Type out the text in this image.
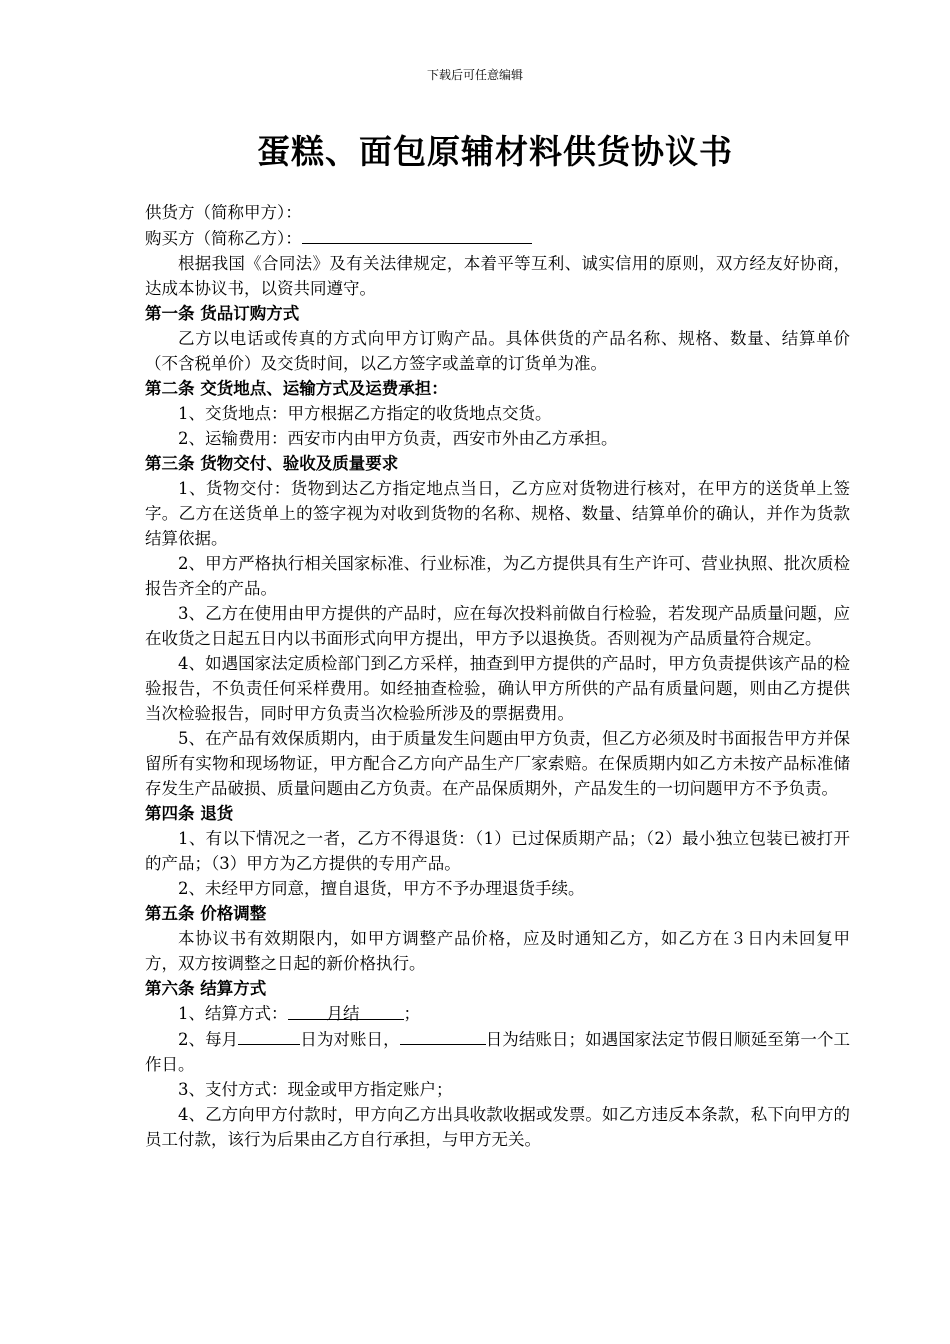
下载后可任意编辑
蛋糕、面包原辅材料供货协议书
供货方（简称甲方）：
购买方（简称乙方）：

根据我国《合同法》及有关法律规定，本着平等互利、诚实信用的原则，双方经友好协商，达成本协议书，以资共同遵守。

第一条 货品订购方式

乙方以电话或传真的方式向甲方订购产品。具体供货的产品名称、规格、数量、结算单价（不含税单价）及交货时间，以乙方签字或盖章的订货单为准。

第二条 交货地点、运输方式及运费承担：

1、交货地点：甲方根据乙方指定的收货地点交货。

2、运输费用：西安市内由甲方负责，西安市外由乙方承担。

第三条 货物交付、验收及质量要求

1、货物交付：货物到达乙方指定地点当日，乙方应对货物进行核对，在甲方的送货单上签字。乙方在送货单上的签字视为对收到货物的名称、规格、数量、结算单价的确认，并作为货款结算依据。

2、甲方严格执行相关国家标准、行业标准，为乙方提供具有生产许可、营业执照、批次质检报告齐全的产品。

3、乙方在使用由甲方提供的产品时，应在每次投料前做自行检验，若发现产品质量问题，应在收货之日起五日内以书面形式向甲方提出，甲方予以退换货。否则视为产品质量符合规定。

4、如遇国家法定质检部门到乙方采样，抽查到甲方提供的产品时，甲方负责提供该产品的检验报告，不负责任何采样费用。如经抽查检验，确认甲方所供的产品有质量问题，则由乙方提供当次检验报告，同时甲方负责当次检验所涉及的票据费用。

5、在产品有效保质期内，由于质量发生问题由甲方负责，但乙方必须及时书面报告甲方并保留所有实物和现场物证，甲方配合乙方向产品生产厂家索赔。在保质期内如乙方未按产品标准储存发生产品破损、质量问题由乙方负责。在产品保质期外，产品发生的一切问题甲方不予负责。

第四条 退货

1、有以下情况之一者，乙方不得退货：（1）已过保质期产品；（2）最小独立包装已被打开的产品；（3）甲方为乙方提供的专用产品。

2、未经甲方同意，擅自退货，甲方不予办理退货手续。

第五条 价格调整

本协议书有效期限内，如甲方调整产品价格，应及时通知乙方，如乙方在３日内未回复甲方，双方按调整之日起的新价格执行。

第六条 结算方式

1、结算方式： 月结	；

2、每月	日为对账日，	日为结账日；如遇国家法定节假日顺延至第一个工作日。

3、支付方式：现金或甲方指定账户；

4、乙方向甲方付款时，甲方向乙方出具收款收据或发票。如乙方违反本条款，私下向甲方的员工付款，该行为后果由乙方自行承担，与甲方无关。
